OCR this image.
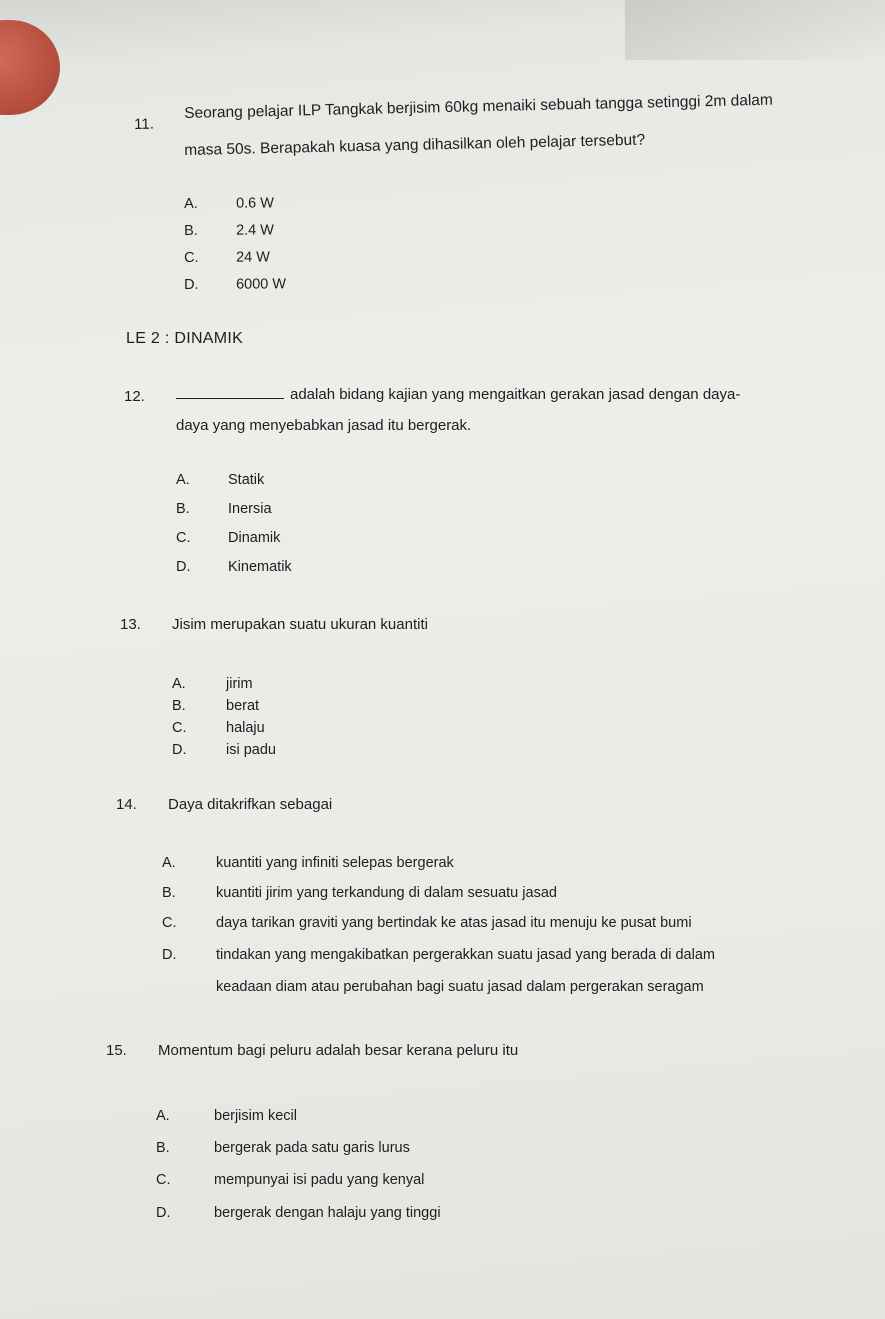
11.
Seorang pelajar ILP Tangkak berjisim 60kg menaiki sebuah tangga setinggi 2m dalam
masa 50s. Berapakah kuasa yang dihasilkan oleh pelajar tersebut?
A.	0.6 W
B.	2.4 W
C.	24 W
D.	6000 W
LE 2 : DINAMIK
12.	adalah bidang kajian yang mengaitkan gerakan jasad dengan daya-
daya yang menyebabkan jasad itu bergerak.
A.	Statik
B.	Inersia
C.	Dinamik
D.	Kinematik
13. Jisim merupakan suatu ukuran kuantiti
A.	jirim
B.	berat
C.	halaju
D.	isi padu
14. Daya ditakrifkan sebagai
A.	kuantiti yang infiniti selepas bergerak
B.	kuantiti jirim yang terkandung di dalam sesuatu jasad
C.	daya tarikan graviti yang bertindak ke atas jasad itu menuju ke pusat bumi
D.	tindakan yang mengakibatkan pergerakkan suatu jasad yang berada di dalam
keadaan diam atau perubahan bagi suatu jasad dalam pergerakan seragam
15. Momentum bagi peluru adalah besar kerana peluru itu
A.	berjisim kecil
B.	bergerak pada satu garis lurus
C.	mempunyai isi padu yang kenyal
D.	bergerak dengan halaju yang tinggi
